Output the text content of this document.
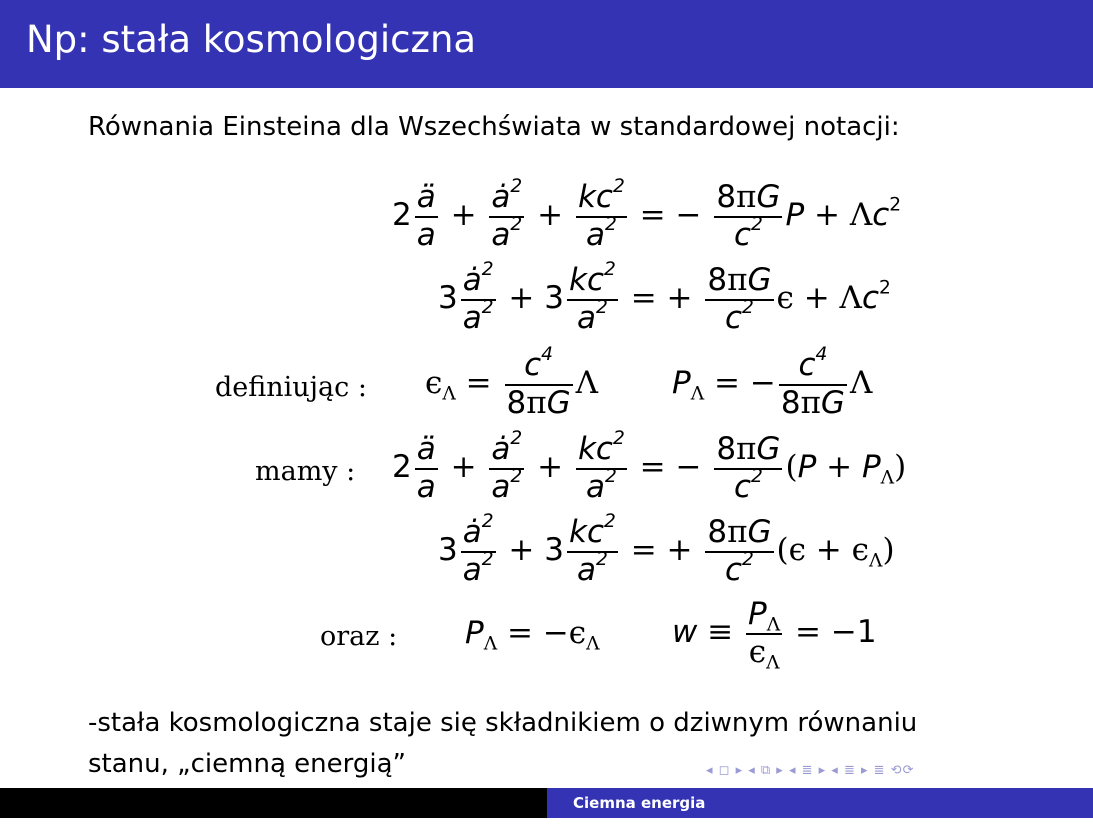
Np: stała kosmologiczna
Równania Einsteina dla Wszechświata w standardowej notacji:
$2 \frac{ä}{a} + \frac{ȧ^2}{a^2} + \frac{kc^2}{a^2}$ = − $\frac{8\pi G}{c^2}$ $P + \Lambda c^2$
$3 \frac{ȧ^2}{a^2} + 3 \frac{kc^2}{a^2}$ = + $\frac{8\pi G}{c^2}$ $\epsilon + \Lambda c^2$
definiując : $\epsilon_\Lambda = \frac{c^4}{8\pi G}$ Λ $P_\Lambda$ = − $\frac{c^4}{8\pi G}$ Λ
mamy : $2 \frac{ä}{a} + \frac{ȧ^2}{a^2} + \frac{kc^2}{a^2}$ = − $\frac{8\pi G}{c^2} (P + P_\Lambda)$
$3 \frac{ȧ^2}{a^2} + 3 \frac{kc^2}{a^2}$ = + $\frac{8\pi G}{c^2} (\epsilon + \epsilon_\Lambda)$
oraz : $P_\Lambda = -\epsilon_\Lambda$ $w \equiv \frac{P_\Lambda}{\epsilon_\Lambda} = -1$
-stała kosmologiczna staje się składnikiem o dziwnym równaniu
stanu, „ciemną energią”	◂ ◻ ▸ ◂ ⧉ ▸ ◂ ≣ ▸ ◂ ≣ ▸ ≣ ⟲⟳
Ciemna energia
